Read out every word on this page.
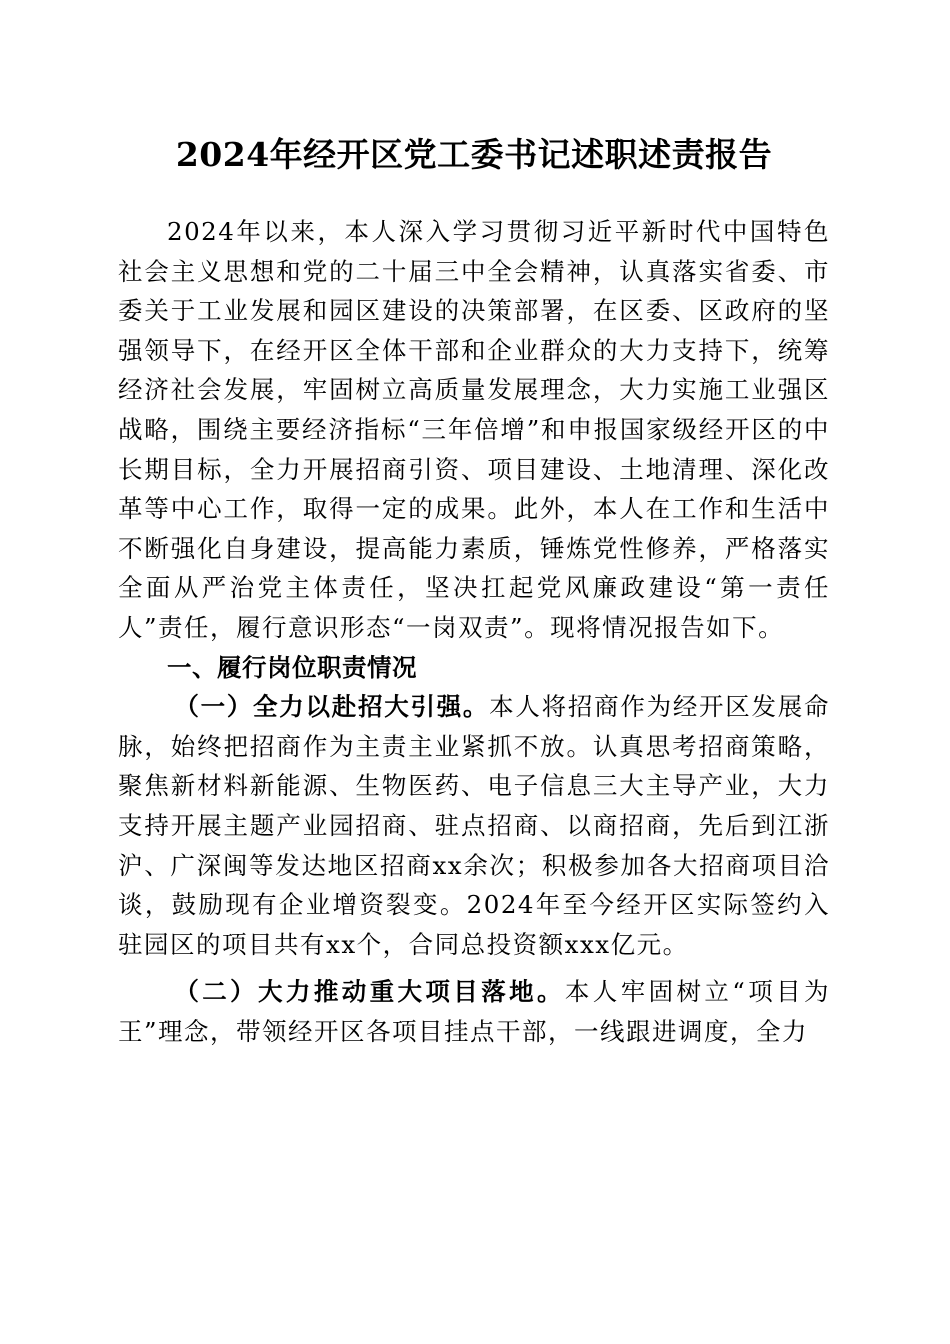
2024年经开区党工委书记述职述责报告

2024年以来，本人深入学习贯彻习近平新时代中国特色社会主义思想和党的二十届三中全会精神，认真落实省委、市委关于工业发展和园区建设的决策部署，在区委、区政府的坚强领导下，在经开区全体干部和企业群众的大力支持下，统筹经济社会发展，牢固树立高质量发展理念，大力实施工业强区战略，围绕主要经济指标“三年倍增”和申报国家级经开区的中长期目标，全力开展招商引资、项目建设、土地清理、深化改革等中心工作，取得一定的成果。此外，本人在工作和生活中不断强化自身建设，提高能力素质，锤炼党性修养，严格落实全面从严治党主体责任，坚决扛起党风廉政建设“第一责任人”责任，履行意识形态“一岗双责”。现将情况报告如下。

一、履行岗位职责情况

（一）全力以赴招大引强。本人将招商作为经开区发展命脉，始终把招商作为主责主业紧抓不放。认真思考招商策略，聚焦新材料新能源、生物医药、电子信息三大主导产业，大力支持开展主题产业园招商、驻点招商、以商招商，先后到江浙沪、广深闽等发达地区招商xx余次；积极参加各大招商项目洽谈，鼓励现有企业增资裂变。2024年至今经开区实际签约入驻园区的项目共有xx个，合同总投资额xxx亿元。

（二）大力推动重大项目落地。本人牢固树立“项目为王”理念，带领经开区各项目挂点干部，一线跟进调度，全力
